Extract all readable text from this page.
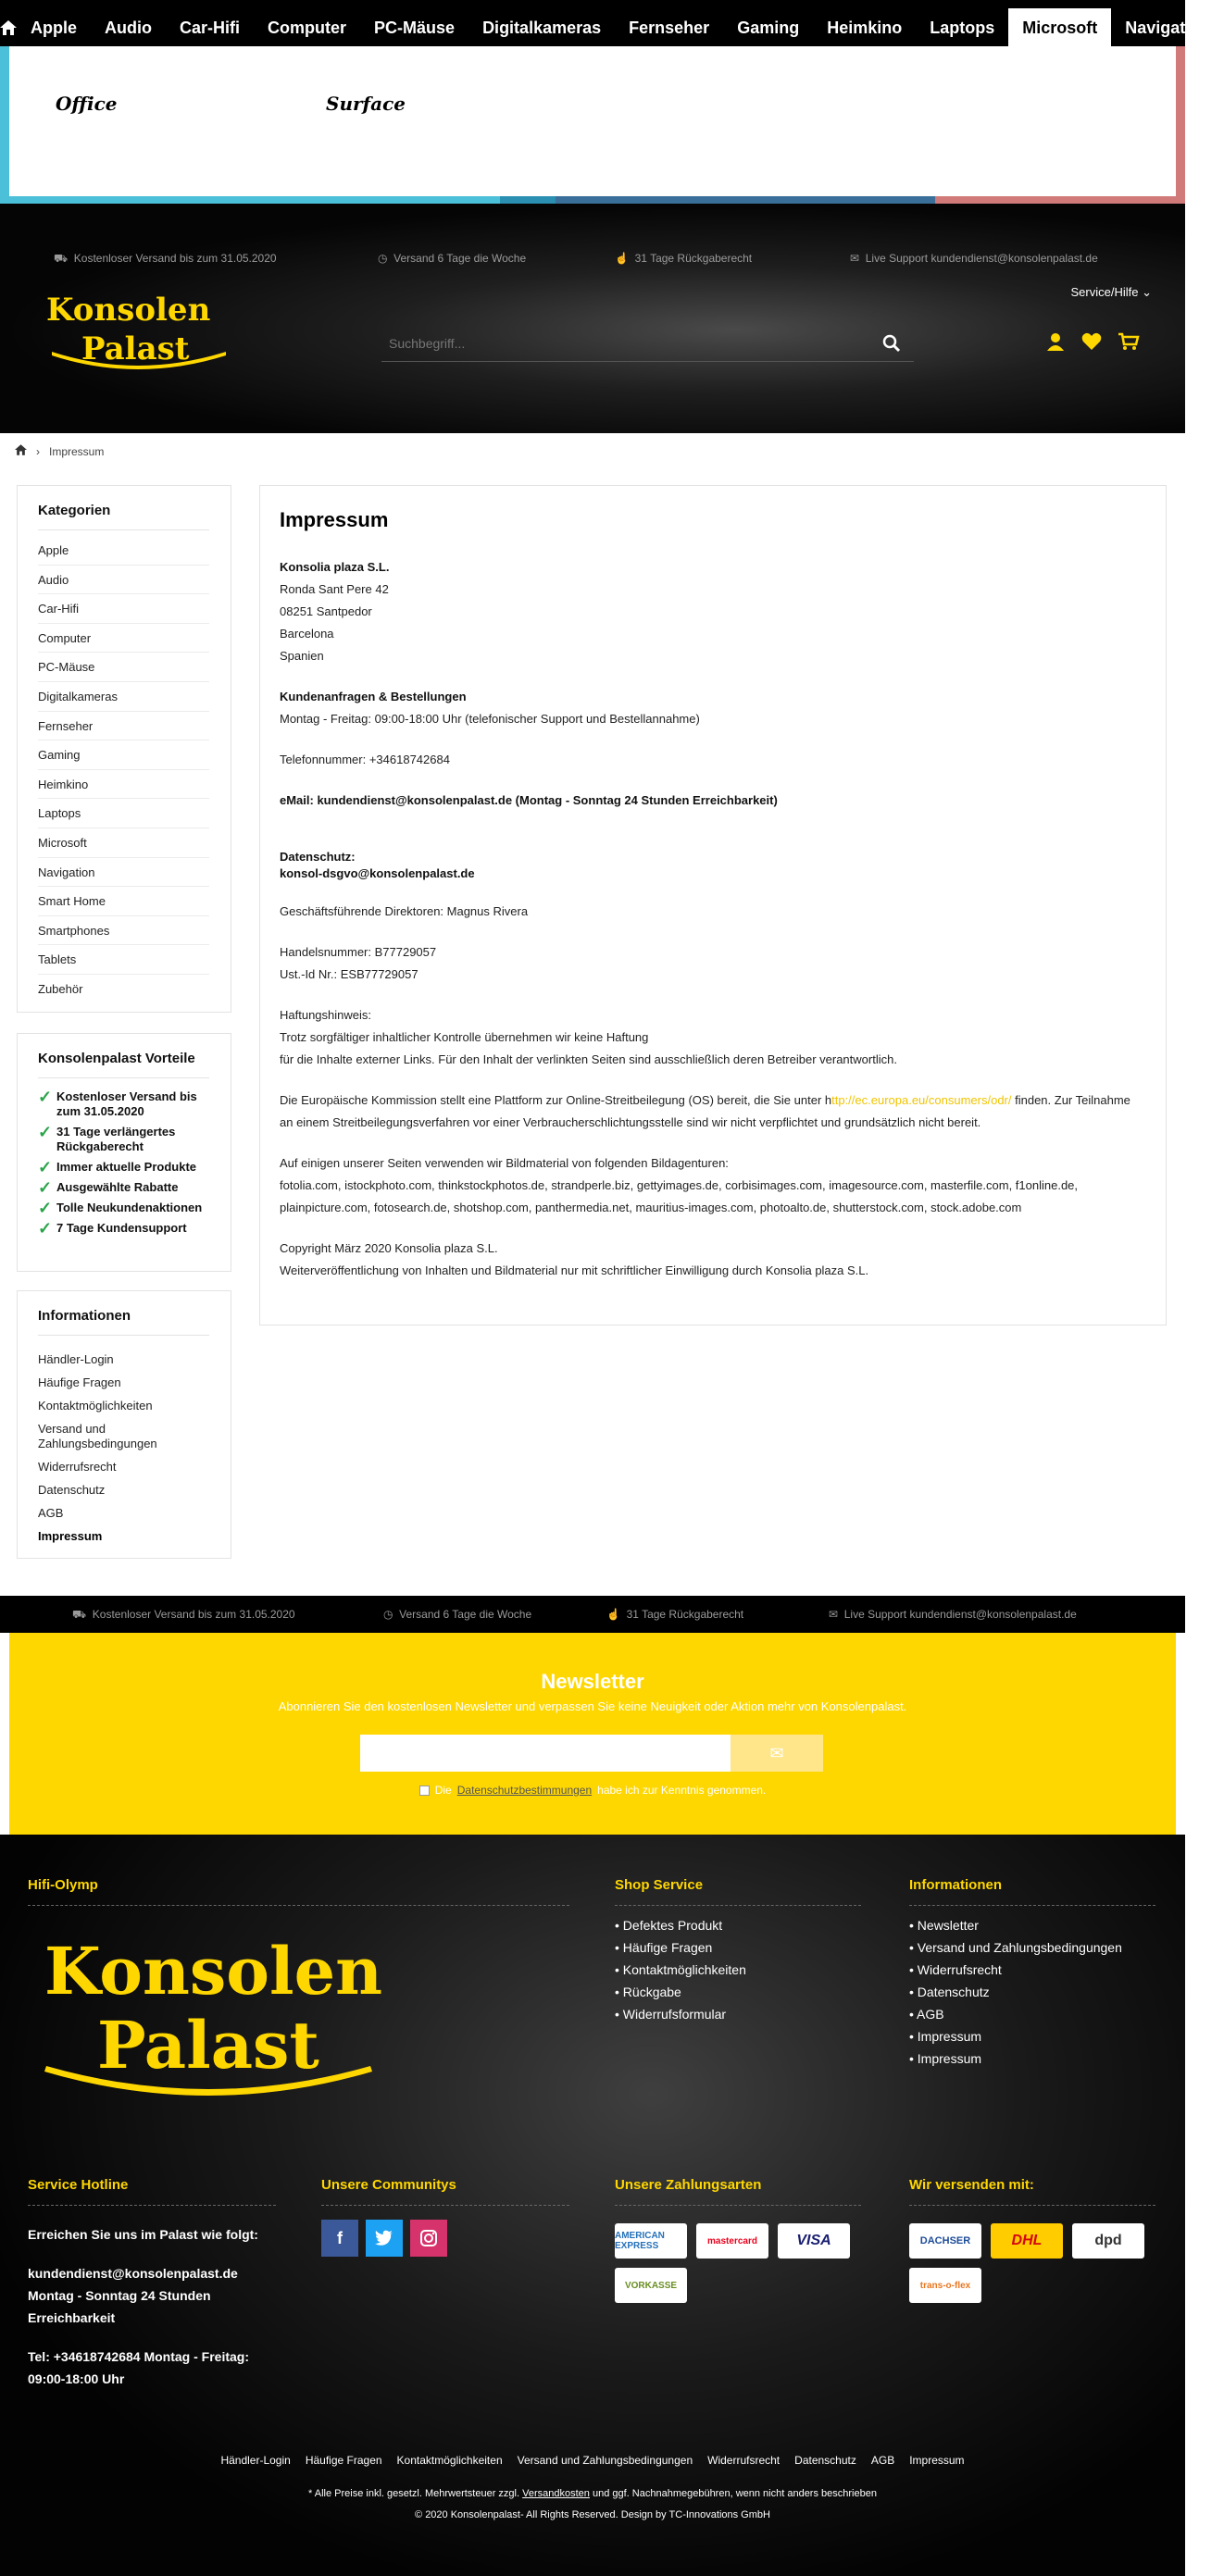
Apple	Audio	Car-Hifi	Computer	PC-Mäuse	Digitalkameras	Fernseher	Gaming	Heimkino	Laptops	Microsoft	Navigation
Office	Surface
⛟  Kostenloser Versand bis zum 31.05.2020	◷  Versand 6 Tage die Woche	☝  31 Tage Rückgaberecht	✉  Live Support kundendienst@konsolenpalast.de
Konsolen
Palast
Service/Hilfe ⌄
Suchbegriff...
› Impressum
Kategorien
Apple
Audio
Car-Hifi
Computer
PC-Mäuse
Digitalkameras
Fernseher
Gaming
Heimkino
Laptops
Microsoft
Navigation
Smart Home
Smartphones
Tablets
Zubehör
Konsolenpalast Vorteile
✓ Kostenloser Versand bis zum 31.05.2020
✓ 31 Tage verlängertes Rückgaberecht
✓ Immer aktuelle Produkte
✓ Ausgewählte Rabatte
✓ Tolle Neukundenaktionen
✓ 7 Tage Kundensupport
Informationen
Händler-Login
Häufige Fragen
Kontaktmöglichkeiten
Versand und Zahlungsbedingungen
Widerrufsrecht
Datenschutz
AGB
Impressum
Impressum

Konsolia plaza S.L.

Ronda Sant Pere 42

08251 Santpedor

Barcelona

Spanien

Kundenanfragen & Bestellungen

Montag - Freitag: 09:00-18:00 Uhr (telefonischer Support und Bestellannahme)

Telefonnummer: +34618742684

eMail: kundendienst@konsolenpalast.de (Montag - Sonntag 24 Stunden Erreichbarkeit)

Datenschutz:

konsol-dsgvo@konsolenpalast.de

Geschäftsführende Direktoren: Magnus Rivera

Handelsnummer: B77729057

Ust.-Id Nr.: ESB77729057

Haftungshinweis:

Trotz sorgfältiger inhaltlicher Kontrolle übernehmen wir keine Haftung

für die Inhalte externer Links. Für den Inhalt der verlinkten Seiten sind ausschließlich deren Betreiber verantwortlich.

Die Europäische Kommission stellt eine Plattform zur Online-Streitbeilegung (OS) bereit, die Sie unter http://ec.europa.eu/consumers/odr/ finden. Zur Teilnahme an einem Streitbeilegungsverfahren vor einer Verbraucherschlichtungsstelle sind wir nicht verpflichtet und grundsätzlich nicht bereit.

Auf einigen unserer Seiten verwenden wir Bildmaterial von folgenden Bildagenturen:

fotolia.com, istockphoto.com, thinkstockphotos.de, strandperle.biz, gettyimages.de, corbisimages.com, imagesource.com, masterfile.com, f1online.de, plainpicture.com, fotosearch.de, shotshop.com, panthermedia.net, mauritius-images.com, photoalto.de, shutterstock.com, stock.adobe.com

Copyright März 2020 Konsolia plaza S.L.

Weiterveröffentlichung von Inhalten und Bildmaterial nur mit schriftlicher Einwilligung durch Konsolia plaza S.L.

⛟  Kostenloser Versand bis zum 31.05.2020	◷  Versand 6 Tage die Woche	☝  31 Tage Rückgaberecht	✉  Live Support kundendienst@konsolenpalast.de
Newsletter
Abonnieren Sie den kostenlosen Newsletter und verpassen Sie keine Neuigkeit oder Aktion mehr von Konsolenpalast.
✉
Die Datenschutzbestimmungen habe ich zur Kenntnis genommen.
Hifi-Olymp
Konsolen
Palast
Shop Service
• Defektes Produkt
• Häufige Fragen
• Kontaktmöglichkeiten
• Rückgabe
• Widerrufsformular
Informationen
• Newsletter
• Versand und Zahlungsbedingungen
• Widerrufsrecht
• Datenschutz
• AGB
• Impressum
• Impressum
Service Hotline
Erreichen Sie uns im Palast wie folgt:
kundendienst@konsolenpalast.de Montag - Sonntag 24 Stunden Erreichbarkeit
Tel: +34618742684 Montag - Freitag: 09:00-18:00 Uhr
Unsere Communitys
f
Unsere Zahlungsarten
AMERICAN EXPRESS	mastercard	VISA
VORKASSE
Wir versenden mit:
DACHSER	DHL	dpd
trans-o-flex
Händler-Login Häufige Fragen Kontaktmöglichkeiten Versand und Zahlungsbedingungen Widerrufsrecht Datenschutz AGB Impressum
* Alle Preise inkl. gesetzl. Mehrwertsteuer zzgl. Versandkosten und ggf. Nachnahmegebühren, wenn nicht anders beschrieben
© 2020 Konsolenpalast- All Rights Reserved. Design by TC-Innovations GmbH
